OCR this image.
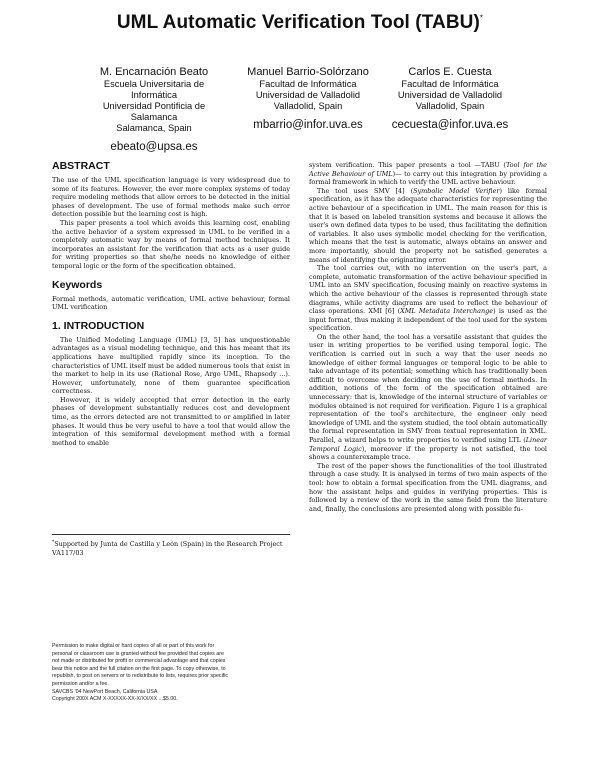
UML Automatic Verification Tool (TABU)*
M. Encarnación Beato
Escuela Universitaria de
Informática
Universidad Pontificia de
Salamanca
Salamanca, Spain
ebeato@upsa.es
Manuel Barrio-Solórzano
Facultad de Informática
Universidad de Valladolid
Valladolid, Spain
mbarrio@infor.uva.es
Carlos E. Cuesta
Facultad de Informática
Universidad de Valladolid
Valladolid, Spain
cecuesta@infor.uva.es
ABSTRACT

The use of the UML specification language is very widespread due to some of its features. However, the ever more complex systems of today require modeling methods that allow errors to be detected in the initial phases of development. The use of formal methods make such error detection possible but the learning cost is high.

This paper presents a tool which avoids this learning cost, enabling the active behavior of a system expressed in UML to be verified in a completely automatic way by means of formal method techniques. It incorporates an assistant for the verification that acts as a user guide for writing properties so that she/he needs no knowledge of either temporal logic or the form of the specification obtained.

Keywords

Formal methods, automatic verification, UML active behaviour, formal UML verification

1. INTRODUCTION

The Unified Modeling Language (UML) [3, 5] has unquestionable advantages as a visual modeling technique, and this has meant that its applications have multiplied rapidly since its inception. To the characteristics of UML itself must be added numerous tools that exist in the market to help in its use (Rational Rose, Argo UML, Rhapsody ...). However, unfortunately, none of them guarantee specification correctness.

However, it is widely accepted that error detection in the early phases of development substantially reduces cost and development time, as the errors detected are not transmitted to or amplified in later phases. It would thus be very useful to have a tool that would allow the integration of this semiformal development method with a formal method to enable

*Supported by Junta de Castilla y León (Spain) in the Research Project VA117/03
Permission to make digital or hard copies of all or part of this work for
personal or classroom use is granted without fee provided that copies are
not made or distributed for profit or commercial advantage and that copies
bear this notice and the full citation on the first page. To copy otherwise, to
republish, to post on servers or to redistribute to lists, requires prior specific
permission and/or a fee.
SAVCBS '04 NewPort Beach, California USA
Copyright 200X ACM X-XXXXX-XX-X/XX/XX ...$5.00.

system verification. This paper presents a tool —TABU (Tool for the Active Behaviour of UML)— to carry out this integration by providing a formal framework in which to verify the UML active behaviour.

The tool uses SMV [4] (Symbolic Model Verifier) like formal specification, as it has the adequate characteristics for representing the active behaviour of a specification in UML. The main reason for this is that it is based on labeled transition systems and because it allows the user's own defined data types to be used, thus facilitating the definition of variables. It also uses symbolic model checking for the verification, which means that the test is automatic, always obtains an answer and more importantly, should the property not be satisfied generates a means of identifying the originating error.

The tool carries out, with no intervention on the user's part, a complete, automatic transformation of the active behaviour specified in UML into an SMV specification, focusing mainly on reactive systems in which the active behaviour of the classes is represented through state diagrams, while activity diagrams are used to reflect the behaviour of class operations. XMI [6] (XML Metadata Interchange) is used as the input format, thus making it independent of the tool used for the system specification.

On the other hand, the tool has a versatile assistant that guides the user in writing properties to be verified using temporal logic. The verification is carried out in such a way that the user needs no knowledge of either formal languages or temporal logic to be able to take advantage of its potential; something which has traditionally been difficult to overcome when deciding on the use of formal methods. In addition, notions of the form of the specification obtained are unnecessary: that is, knowledge of the internal structure of variables or modules obtained is not required for verification. Figure 1 is a graphical representation of the tool's architecture, the engineer only need knowledge of UML and the system studied, the tool obtain automatically the formal representation in SMV from textual representation in XML. Parallel, a wizard helps to write properties to verified using LTL (Linear Temporal Logic), moreover if the property is not satisfied, the tool shows a counterexample trace.

The rest of the paper shows the functionalities of the tool illustrated through a case study. It is analysed in terms of two main aspects of the tool: how to obtain a formal specification from the UML diagrams, and how the assistant helps and guides in verifying properties. This is followed by a review of the work in the same field from the literature and, finally, the conclusions are presented along with possible fu-
